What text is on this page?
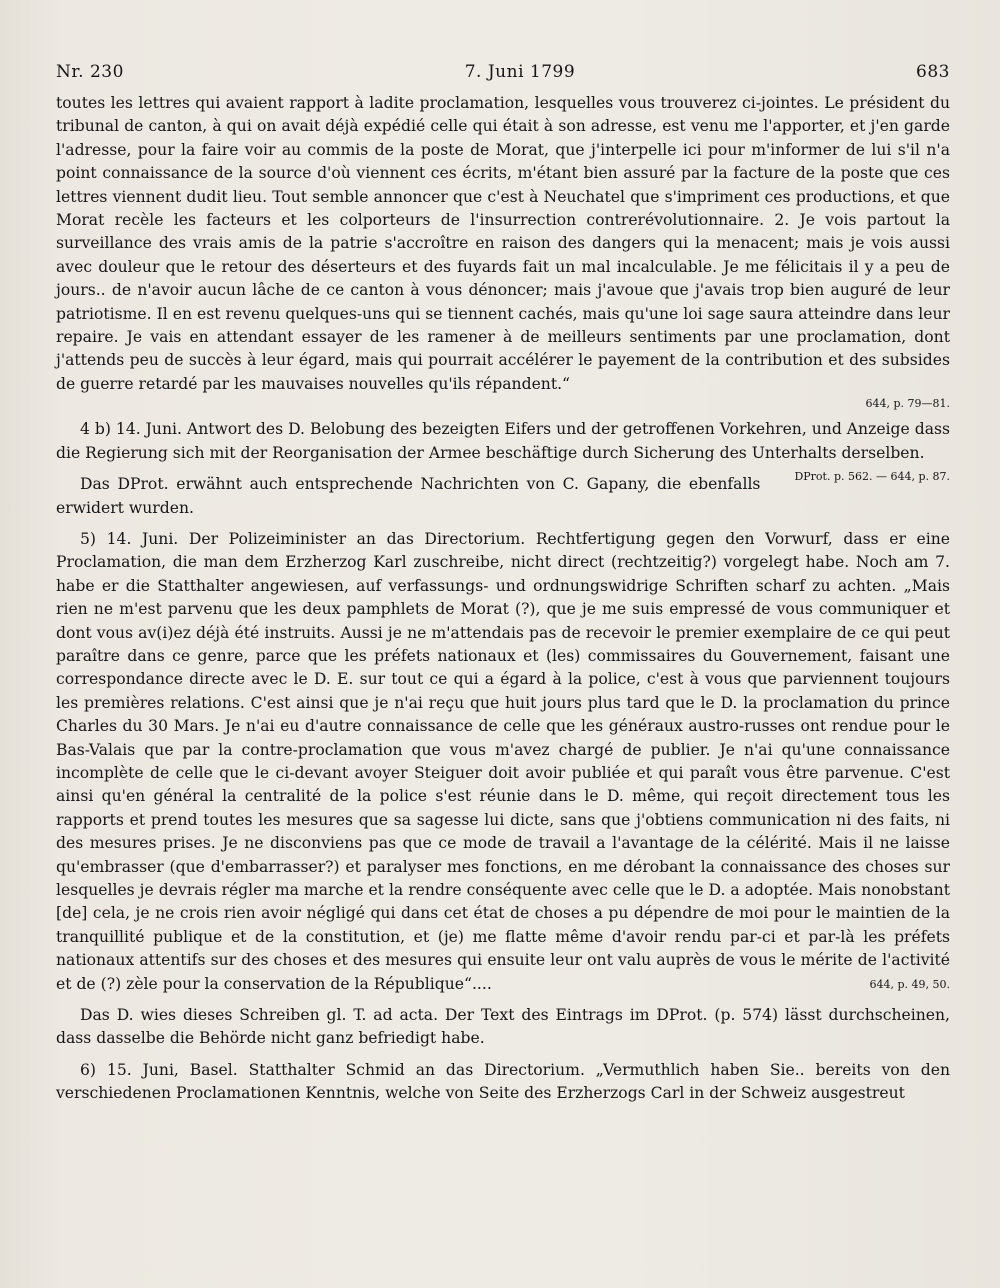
Nr. 230	7. Juni 1799	683

toutes les lettres qui avaient rapport à ladite proclamation, lesquelles vous trouverez ci-jointes. Le président du tribunal de canton, à qui on avait déjà expédié celle qui était à son adresse, est venu me l'apporter, et j'en garde l'adresse, pour la faire voir au commis de la poste de Morat, que j'interpelle ici pour m'informer de lui s'il n'a point connaissance de la source d'où viennent ces écrits, m'étant bien assuré par la facture de la poste que ces lettres viennent dudit lieu. Tout semble annoncer que c'est à Neuchatel que s'impriment ces productions, et que Morat recèle les facteurs et les colporteurs de l'insurrection contrerévolutionnaire. 2. Je vois partout la surveillance des vrais amis de la patrie s'accroître en raison des dangers qui la menacent; mais je vois aussi avec douleur que le retour des déserteurs et des fuyards fait un mal incalculable. Je me félicitais il y a peu de jours.. de n'avoir aucun lâche de ce canton à vous dénoncer; mais j'avoue que j'avais trop bien auguré de leur patriotisme. Il en est revenu quelques-uns qui se tiennent cachés, mais qu'une loi sage saura atteindre dans leur repaire. Je vais en attendant essayer de les ramener à de meilleurs sentiments par une proclamation, dont j'attends peu de succès à leur égard, mais qui pourrait accélérer le payement de la contribution et des subsides de guerre retardé par les mauvaises nouvelles qu'ils répandent.“

644, p. 79—81.

4 b) 14. Juni. Antwort des D. Belobung des bezeigten Eifers und der getroffenen Vorkehren, und Anzeige dass die Regierung sich mit der Reorganisation der Armee beschäftige durch Sicherung des Unterhalts derselben.
DProt. p. 562. — 644, p. 87.

Das DProt. erwähnt auch entsprechende Nachrichten von C. Gapany, die ebenfalls erwidert wurden.

5) 14. Juni. Der Polizeiminister an das Directorium. Rechtfertigung gegen den Vorwurf, dass er eine Proclamation, die man dem Erzherzog Karl zuschreibe, nicht direct (rechtzeitig?) vorgelegt habe. Noch am 7. habe er die Statthalter angewiesen, auf verfassungs- und ordnungswidrige Schriften scharf zu achten. „Mais rien ne m'est parvenu que les deux pamphlets de Morat (?), que je me suis empressé de vous communiquer et dont vous av(i)ez déjà été instruits. Aussi je ne m'attendais pas de recevoir le premier exemplaire de ce qui peut paraître dans ce genre, parce que les préfets nationaux et (les) commissaires du Gouvernement, faisant une correspondance directe avec le D. E. sur tout ce qui a égard à la police, c'est à vous que parviennent toujours les premières relations. C'est ainsi que je n'ai reçu que huit jours plus tard que le D. la proclamation du prince Charles du 30 Mars. Je n'ai eu d'autre connaissance de celle que les généraux austro-russes ont rendue pour le Bas-Valais que par la contre-proclamation que vous m'avez chargé de publier. Je n'ai qu'une connaissance incomplète de celle que le ci-devant avoyer Steiguer doit avoir publiée et qui paraît vous être parvenue. C'est ainsi qu'en général la centralité de la police s'est réunie dans le D. même, qui reçoit directement tous les rapports et prend toutes les mesures que sa sagesse lui dicte, sans que j'obtiens communication ni des faits, ni des mesures prises. Je ne disconviens pas que ce mode de travail a l'avantage de la célérité. Mais il ne laisse qu'embrasser (que d'embarrasser?) et paralyser mes fonctions, en me dérobant la connaissance des choses sur lesquelles je devrais régler ma marche et la rendre conséquente avec celle que le D. a adoptée. Mais nonobstant [de] cela, je ne crois rien avoir négligé qui dans cet état de choses a pu dépendre de moi pour le maintien de la tranquillité publique et de la constitution, et (je) me flatte même d'avoir rendu par-ci et par-là les préfets nationaux attentifs sur des choses et des mesures qui ensuite leur ont valu auprès de vous le mérite de l'activité et de (?) zèle pour la conservation de la République“....	644, p. 49, 50.

Das D. wies dieses Schreiben gl. T. ad acta. Der Text des Eintrags im DProt. (p. 574) lässt durchscheinen, dass dasselbe die Behörde nicht ganz befriedigt habe.

6) 15. Juni, Basel. Statthalter Schmid an das Directorium. „Vermuthlich haben Sie.. bereits von den verschiedenen Proclamationen Kenntnis, welche von Seite des Erzherzogs Carl in der Schweiz ausgestreut
